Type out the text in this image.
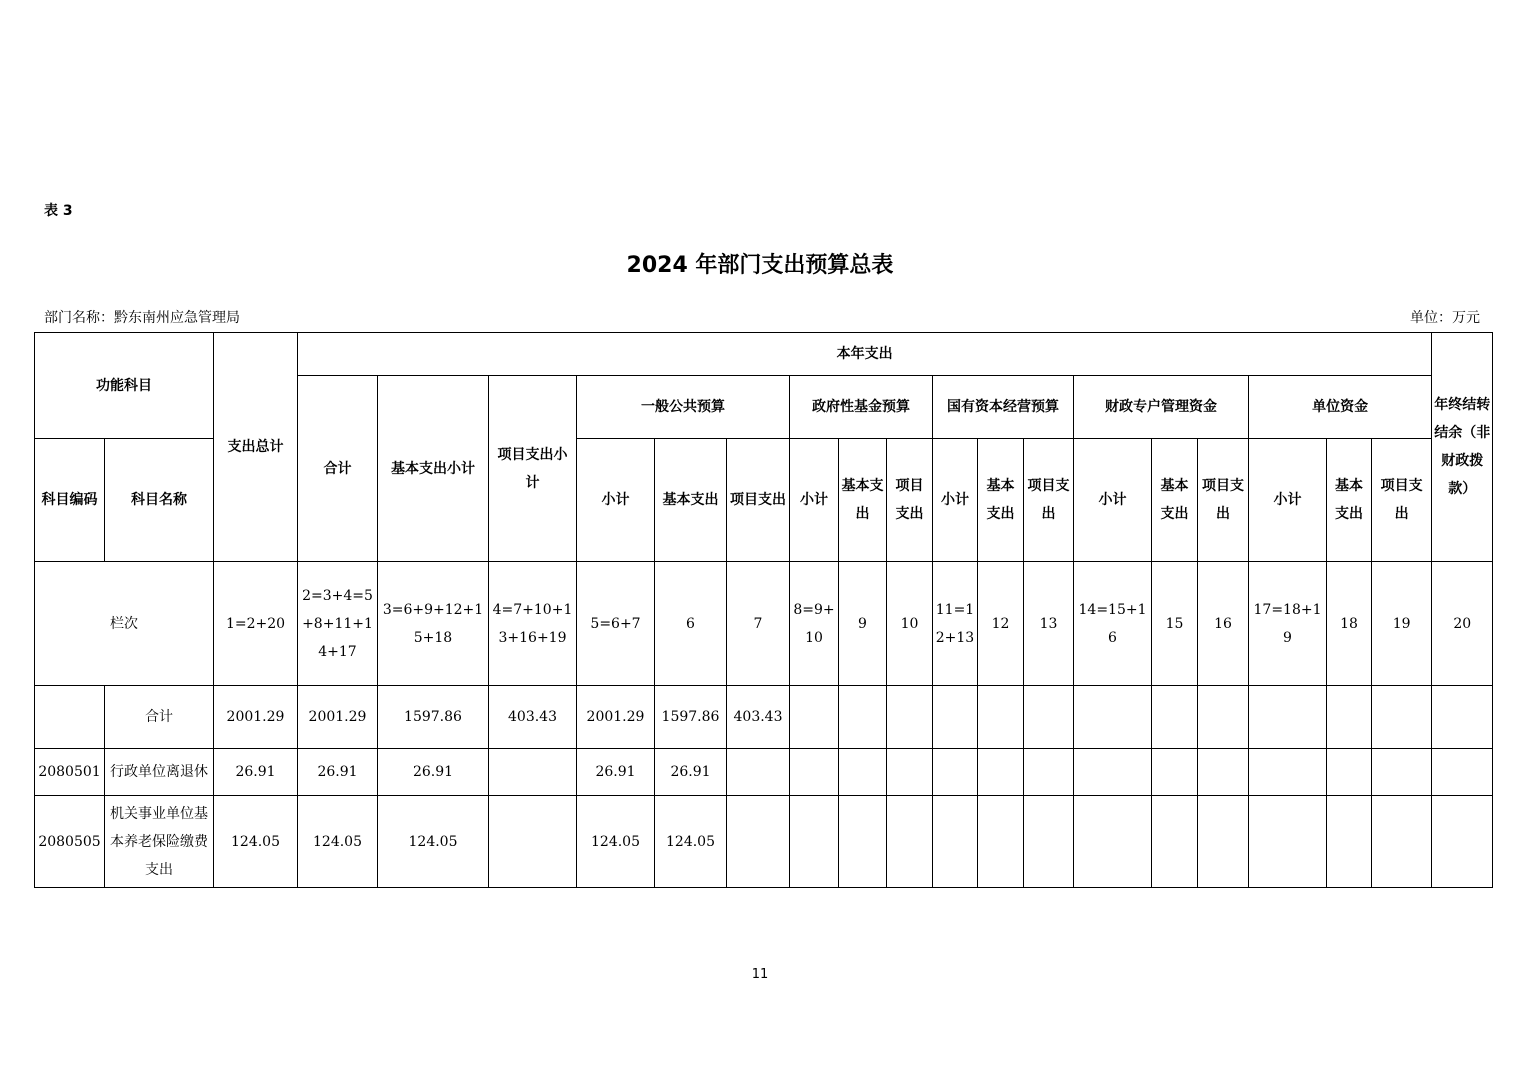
表 3
2024 年部门支出预算总表
部门名称：黔东南州应急管理局	单位：万元
功能科目		支出总计	本年支出																		年终结转结余（非财政拨款）
			合计	基本支出小计	项目支出小计	一般公共预算			政府性基金预算			国有资本经营预算			财政专户管理资金			单位资金			
科目编码	科目名称					小计	基本支出	项目支出	小计	基本支出	项目支出	小计	基本支出	项目支出	小计	基本支出	项目支出	小计	基本支出	项目支出	
栏次		1=2+20	2=3+4=5+8+11+14+17	3=6+9+12+15+18	4=7+10+13+16+19	5=6+7	6	7	8=9+10	9	10	11=12+13	12	13	14=15+16	15	16	17=18+19	18	19	20
	合计	2001.29	2001.29	1597.86	403.43	2001.29	1597.86	403.43													
2080501	行政单位离退休	26.91	26.91	26.91		26.91	26.91														
2080505	机关事业单位基本养老保险缴费支出	124.05	124.05	124.05		124.05	124.05														
11
